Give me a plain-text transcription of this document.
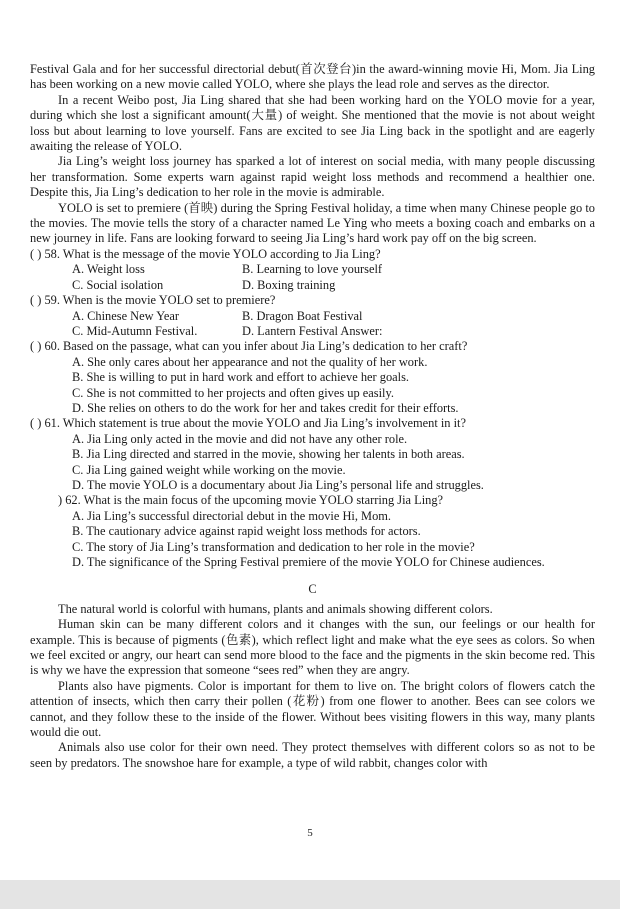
Festival Gala and for her successful directorial debut(首次登台)in the award-winning movie Hi, Mom. Jia Ling has been working on a new movie called YOLO, where she plays the lead role and serves as the director.

In a recent Weibo post, Jia Ling shared that she had been working hard on the YOLO movie for a year, during which she lost a significant amount(大量) of weight. She mentioned that the movie is not about weight loss but about learning to love yourself. Fans are excited to see Jia Ling back in the spotlight and are eagerly awaiting the release of YOLO.

Jia Ling’s weight loss journey has sparked a lot of interest on social media, with many people discussing her transformation. Some experts warn against rapid weight loss methods and recommend a healthier one. Despite this, Jia Ling’s dedication to her role in the movie is admirable.

YOLO is set to premiere (首映) during the Spring Festival holiday, a time when many Chinese people go to the movies. The movie tells the story of a character named Le Ying who meets a boxing coach and embarks on a new journey in life. Fans are looking forward to seeing Jia Ling’s hard work pay off on the big screen.

( ) 58. What is the message of the movie YOLO according to Jia Ling?

A. Weight loss	B. Learning to love yourself
C. Social isolation	D. Boxing training

( ) 59. When is the movie YOLO set to premiere?

A. Chinese New Year	B. Dragon Boat Festival
C. Mid-Autumn Festival.	D. Lantern Festival Answer:

( ) 60. Based on the passage, what can you infer about Jia Ling’s dedication to her craft?

A. She only cares about her appearance and not the quality of her work.

B. She is willing to put in hard work and effort to achieve her goals.

C. She is not committed to her projects and often gives up easily.

D. She relies on others to do the work for her and takes credit for their efforts.

( ) 61. Which statement is true about the movie YOLO and Jia Ling’s involvement in it?

A. Jia Ling only acted in the movie and did not have any other role.

B. Jia Ling directed and starred in the movie, showing her talents in both areas.

C. Jia Ling gained weight while working on the movie.

D. The movie YOLO is a documentary about Jia Ling’s personal life and struggles.

) 62. What is the main focus of the upcoming movie YOLO starring Jia Ling?

A. Jia Ling’s successful directorial debut in the movie Hi, Mom.

B. The cautionary advice against rapid weight loss methods for actors.

C. The story of Jia Ling’s transformation and dedication to her role in the movie?

D. The significance of the Spring Festival premiere of the movie YOLO for Chinese audiences.

C

The natural world is colorful with humans, plants and animals showing different colors.

Human skin can be many different colors and it changes with the sun, our feelings or our health for example. This is because of pigments (色素), which reflect light and make what the eye sees as colors. So when we feel excited or angry, our heart can send more blood to the face and the pigments in the skin become red. This is why we have the expression that someone “sees red” when they are angry.

Plants also have pigments. Color is important for them to live on. The bright colors of flowers catch the attention of insects, which then carry their pollen (花粉) from one flower to another. Bees can see colors we cannot, and they follow these to the inside of the flower. Without bees visiting flowers in this way, many plants would die out.

Animals also use color for their own need. They protect themselves with different colors so as not to be seen by predators. The snowshoe hare for example, a type of wild rabbit, changes color with

5
